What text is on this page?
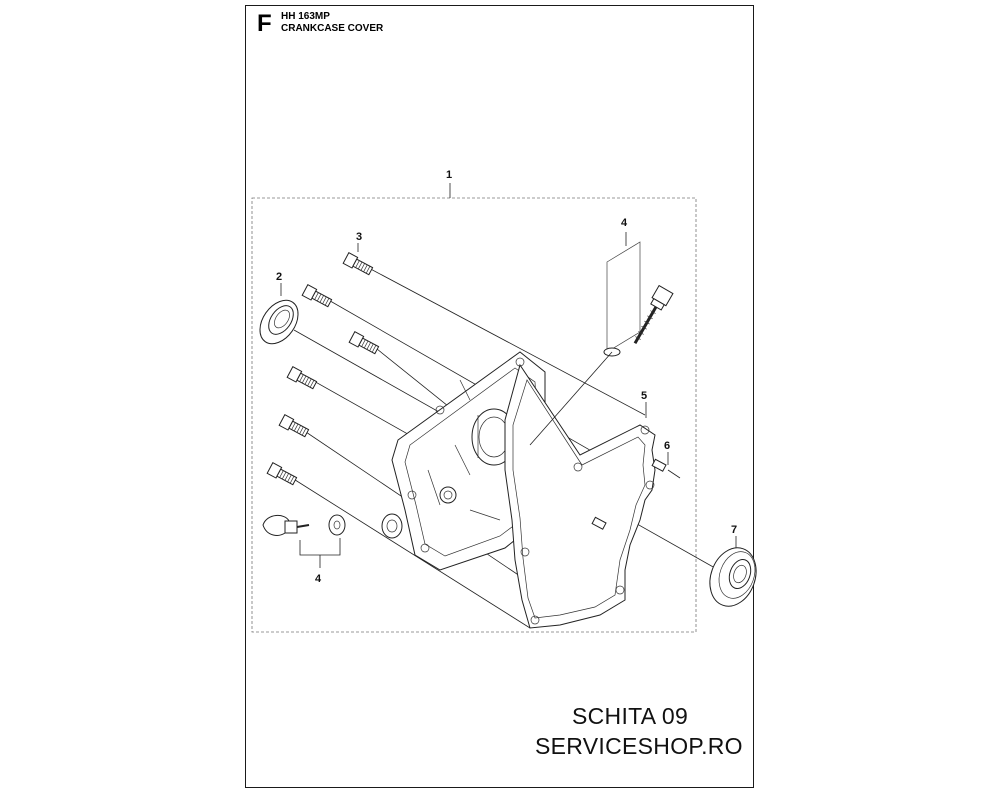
F HH 163MP
CRANKCASE COVER
1
3
2
5
6
7
4
4
SCHITA 09
SERVICESHOP.RO
